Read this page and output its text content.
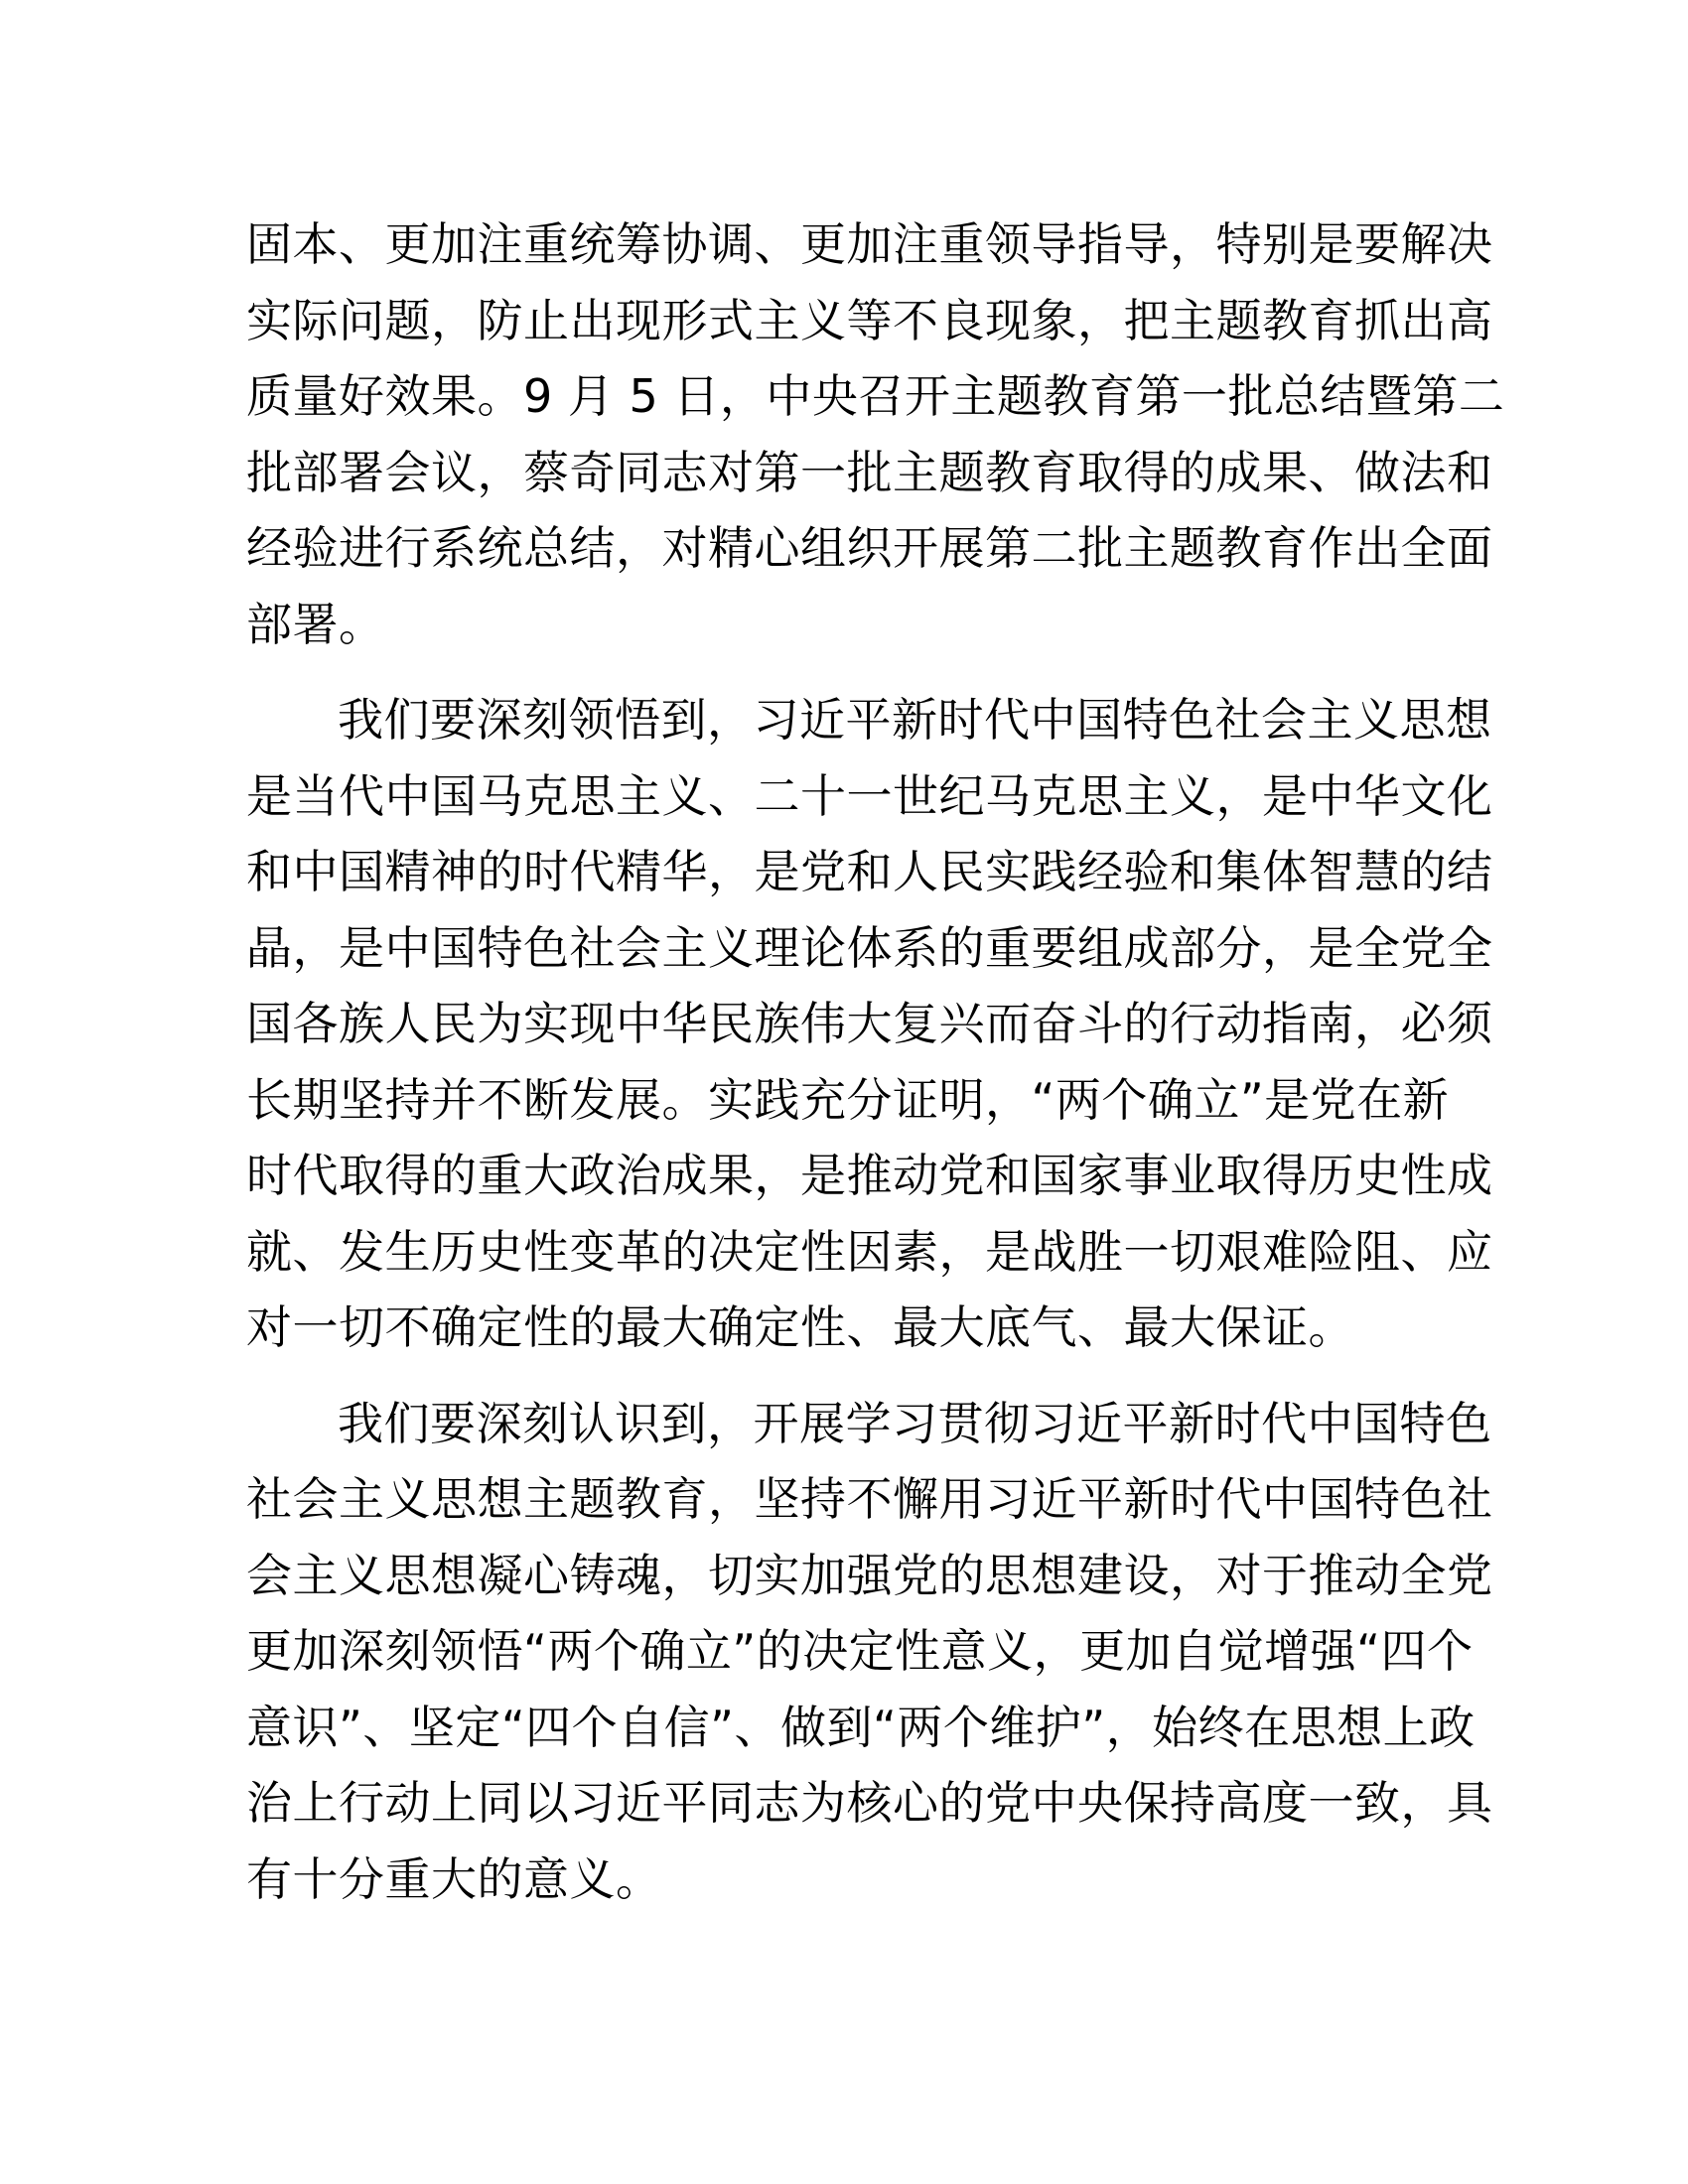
固本、更加注重统筹协调、更加注重领导指导，特别是要解决
实际问题，防止出现形式主义等不良现象，把主题教育抓出高
质量好效果。9 月 5 日，中央召开主题教育第一批总结暨第二
批部署会议，蔡奇同志对第一批主题教育取得的成果、做法和
经验进行系统总结，对精心组织开展第二批主题教育作出全面
部署。
我们要深刻领悟到，习近平新时代中国特色社会主义思想
是当代中国马克思主义、二十一世纪马克思主义，是中华文化
和中国精神的时代精华，是党和人民实践经验和集体智慧的结
晶，是中国特色社会主义理论体系的重要组成部分，是全党全
国各族人民为实现中华民族伟大复兴而奋斗的行动指南，必须
长期坚持并不断发展。实践充分证明，“两个确立”是党在新
时代取得的重大政治成果，是推动党和国家事业取得历史性成
就、发生历史性变革的决定性因素，是战胜一切艰难险阻、应
对一切不确定性的最大确定性、最大底气、最大保证。
我们要深刻认识到，开展学习贯彻习近平新时代中国特色
社会主义思想主题教育，坚持不懈用习近平新时代中国特色社
会主义思想凝心铸魂，切实加强党的思想建设，对于推动全党
更加深刻领悟“两个确立”的决定性意义，更加自觉增强“四个
意识”、坚定“四个自信”、做到“两个维护”，始终在思想上政
治上行动上同以习近平同志为核心的党中央保持高度一致，具
有十分重大的意义。
